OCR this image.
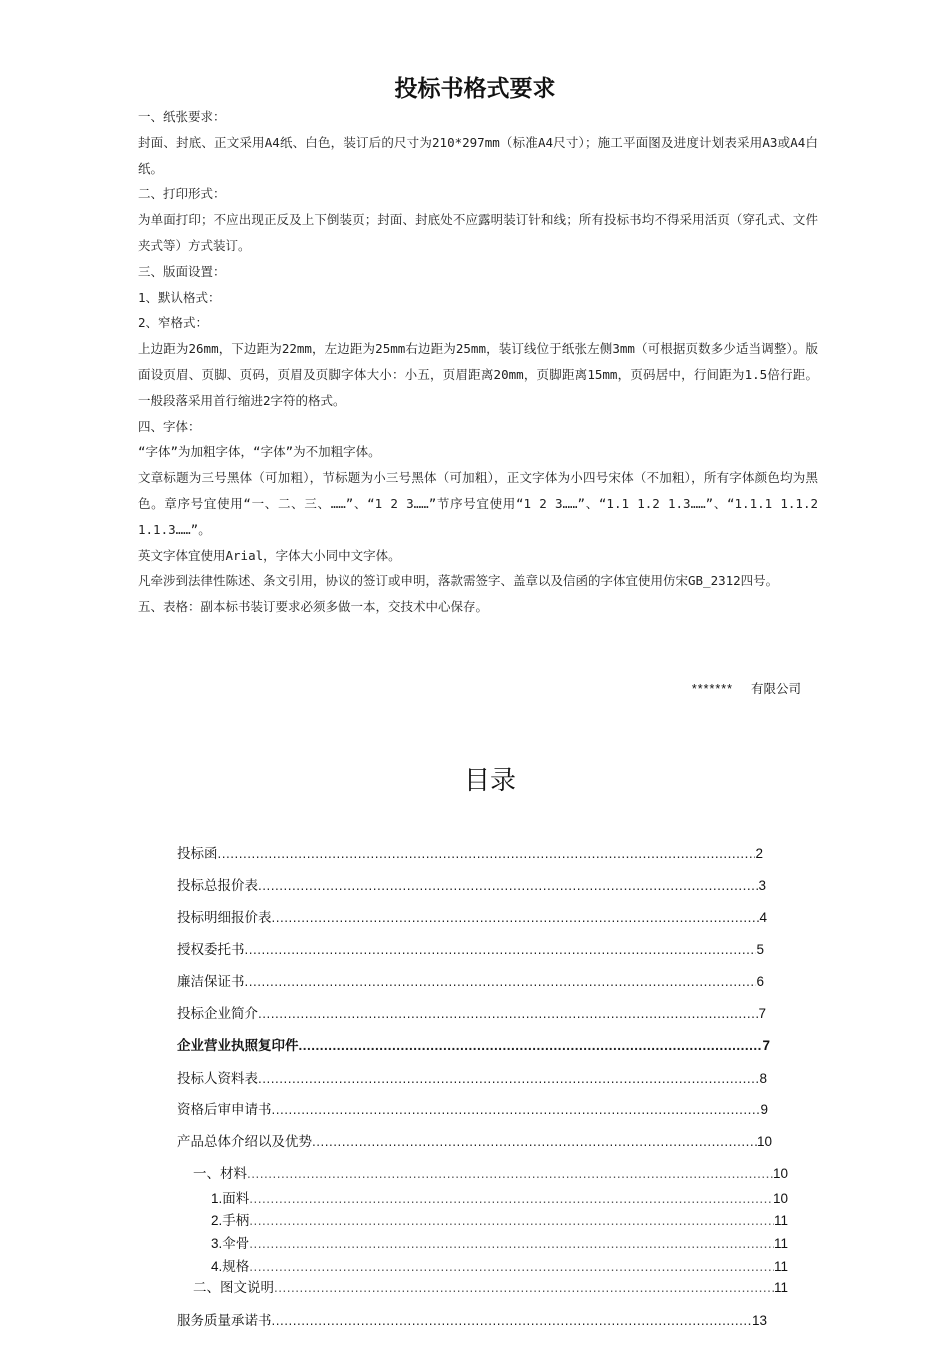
投标书格式要求

一、纸张要求：

封面、封底、正文采用A4纸、白色，装订后的尺寸为210*297mm（标准A4尺寸）；施工平面图及进度计划表采用A3或A4白纸。

二、打印形式：

为单面打印；不应出现正反及上下倒装页；封面、封底处不应露明装订针和线；所有投标书均不得采用活页（穿孔式、文件夹式等）方式装订。

三、版面设置：

1、默认格式：

2、窄格式：

上边距为26mm，下边距为22mm，左边距为25mm右边距为25mm，装订线位于纸张左侧3mm（可根据页数多少适当调整）。版面设页眉、页脚、页码，页眉及页脚字体大小：小五，页眉距离20mm，页脚距离15mm，页码居中，行间距为1.5倍行距。一般段落采用首行缩进2字符的格式。

四、字体：

“字体”为加粗字体，“字体”为不加粗字体。

文章标题为三号黑体（可加粗），节标题为小三号黑体（可加粗），正文字体为小四号宋体（不加粗），所有字体颜色均为黑色。章序号宜使用“一、二、三、……”、“1 2 3……”节序号宜使用“1 2 3……”、“1.1 1.2 1.3……”、“1.1.1 1.1.2 1.1.3……”。

英文字体宜使用Arial，字体大小同中文字体。

凡牵涉到法律性陈述、条文引用，协议的签订或申明，落款需签字、盖章以及信函的字体宜使用仿宋GB_2312四号。

五、表格：副本标书装订要求必须多做一本，交技术中心保存。

******* 有限公司
目录
投标函 .....	2
投标总报价表 .....	3
投标明细报价表 .....	4
授权委托书 .....	5
廉洁保证书 .....	6
投标企业简介 .....	7
企业营业执照复印件 .....	7
投标人资料表 .....	8
资格后审申请书 .....	9
产品总体介绍以及优势 .....	10
一、材料 .....	10
1.面料 .....	10
2.手柄 .....	11
3.伞骨 .....	11
4.规格 .....	11
二、图文说明 .....	11
服务质量承诺书 .....	13
